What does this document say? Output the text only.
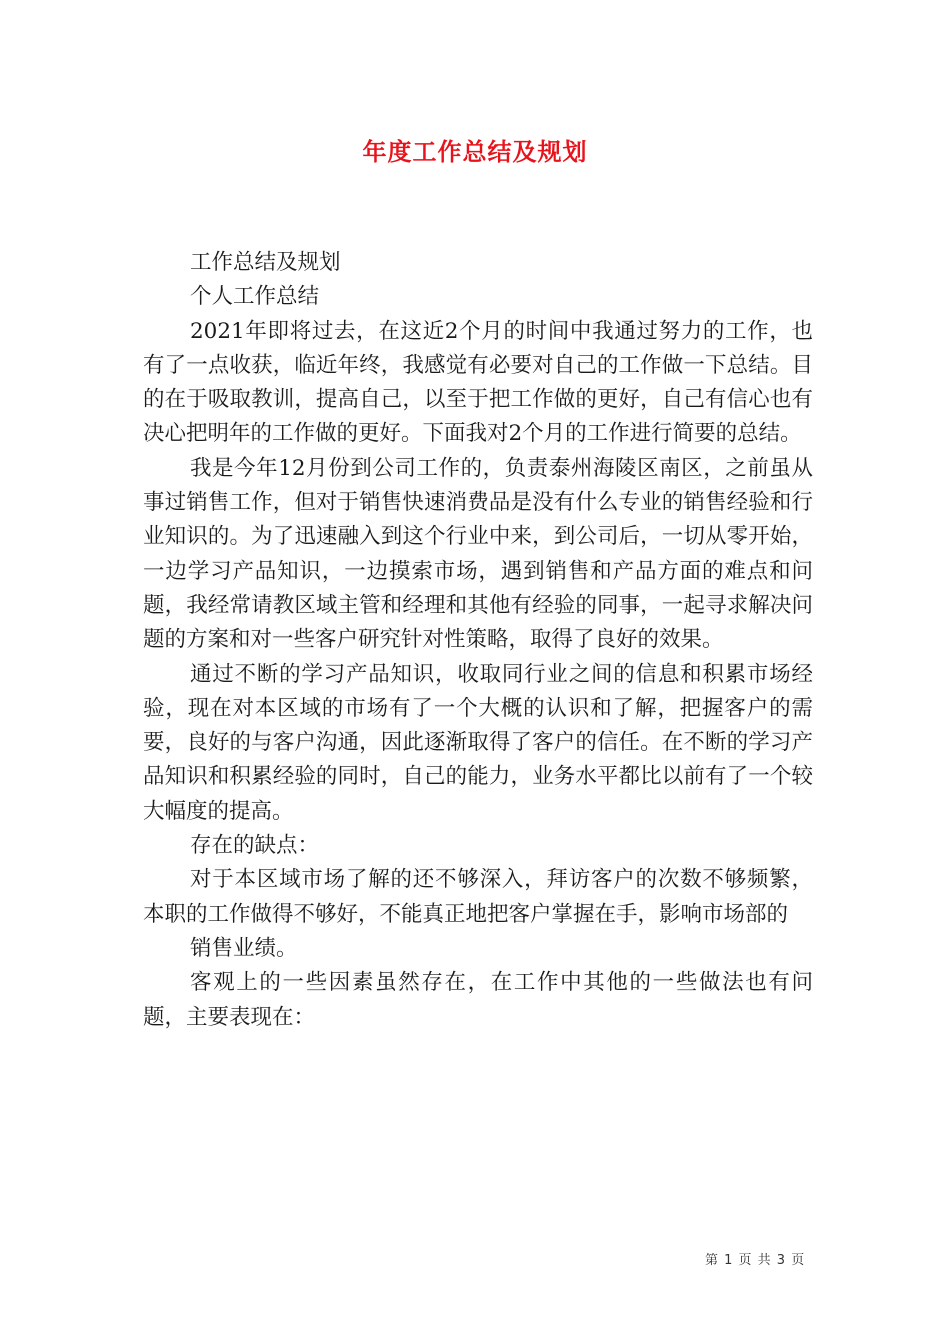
年度工作总结及规划

工作总结及规划

个人工作总结

2021年即将过去，在这近2个月的时间中我通过努力的工作，也有了一点收获，临近年终，我感觉有必要对自己的工作做一下总结。目的在于吸取教训，提高自己，以至于把工作做的更好，自己有信心也有决心把明年的工作做的更好。下面我对2个月的工作进行简要的总结。

我是今年12月份到公司工作的，负责泰州海陵区南区，之前虽从事过销售工作，但对于销售快速消费品是没有什么专业的销售经验和行业知识的。为了迅速融入到这个行业中来，到公司后，一切从零开始，一边学习产品知识，一边摸索市场，遇到销售和产品方面的难点和问题，我经常请教区域主管和经理和其他有经验的同事，一起寻求解决问题的方案和对一些客户研究针对性策略，取得了良好的效果。

通过不断的学习产品知识，收取同行业之间的信息和积累市场经验，现在对本区域的市场有了一个大概的认识和了解，把握客户的需要，良好的与客户沟通，因此逐渐取得了客户的信任。在不断的学习产品知识和积累经验的同时，自己的能力，业务水平都比以前有了一个较大幅度的提高。

存在的缺点：

对于本区域市场了解的还不够深入，拜访客户的次数不够频繁，本职的工作做得不够好，不能真正地把客户掌握在手，影响市场部的

销售业绩。

客观上的一些因素虽然存在，在工作中其他的一些做法也有问题，主要表现在：

第 1 页 共 3 页
